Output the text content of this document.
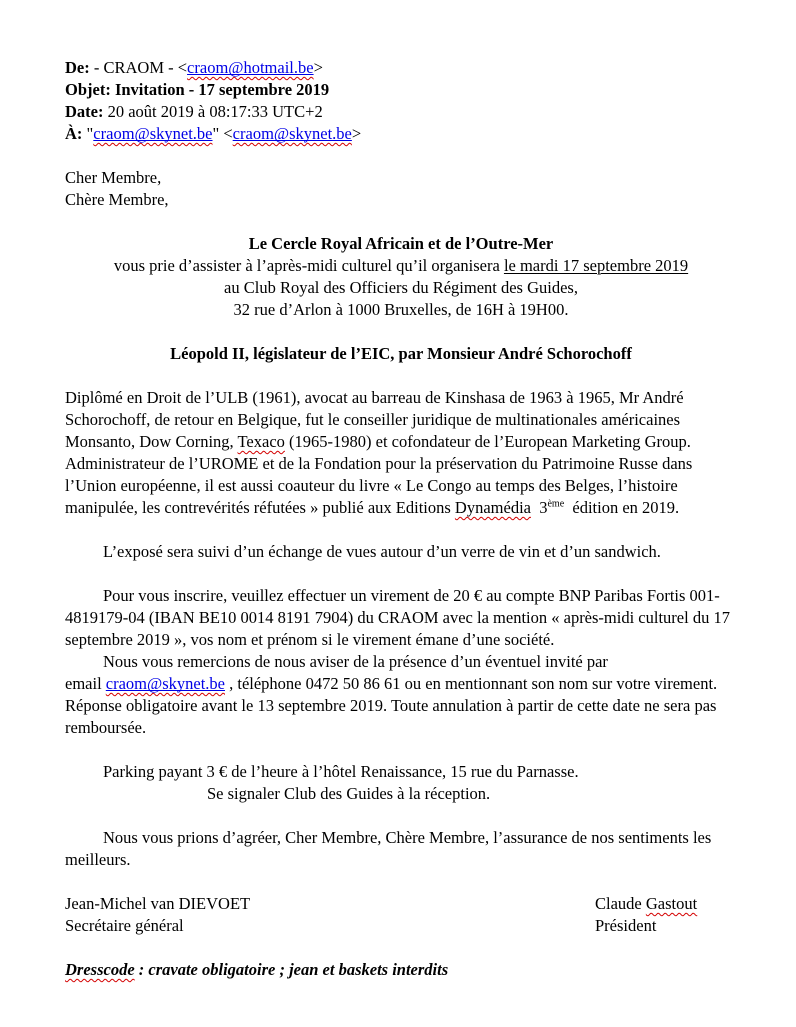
De: - CRAOM - <craom@hotmail.be>

Objet: Invitation - 17 septembre 2019

Date: 20 août 2019 à 08:17:33 UTC+2

À: "craom@skynet.be" <craom@skynet.be>

Cher Membre,

Chère Membre,

Le Cercle Royal Africain et de l’Outre-Mer

vous prie d’assister à l’après-midi culturel qu’il organisera le mardi 17 septembre 2019

au Club Royal des Officiers du Régiment des Guides,

32 rue d’Arlon à 1000 Bruxelles, de 16H à 19H00.

Léopold II, législateur de l’EIC, par Monsieur André Schorochoff

Diplômé en Droit de l’ULB (1961), avocat au barreau de Kinshasa de 1963 à 1965, Mr André Schorochoff, de retour en Belgique, fut le conseiller juridique de multinationales américaines Monsanto, Dow Corning, Texaco (1965-1980) et cofondateur de l’European Marketing Group. Administrateur de l’UROME et de la Fondation pour la préservation du Patrimoine Russe dans l’Union européenne, il est aussi coauteur du livre « Le Congo au temps des Belges, l’histoire manipulée, les contrevérités réfutées » publié aux Editions Dynamédia  3ème  édition en 2019.

L’exposé sera suivi d’un échange de vues autour d’un verre de vin et d’un sandwich.

Pour vous inscrire, veuillez effectuer un virement de 20 € au compte BNP Paribas Fortis 001-4819179-04 (IBAN BE10 0014 8191 7904) du CRAOM avec la mention « après-midi culturel du 17 septembre 2019 », vos nom et prénom si le virement émane d’une société.

Nous vous remercions de nous aviser de la présence d’un éventuel invité par
email craom@skynet.be , téléphone 0472 50 86 61 ou en mentionnant son nom sur votre virement. Réponse obligatoire avant le 13 septembre 2019. Toute annulation à partir de cette date ne sera pas remboursée.

Parking payant 3 € de l’heure à l’hôtel Renaissance, 15 rue du Parnasse.

Se signaler Club des Guides à la réception.

Nous vous prions d’agréer, Cher Membre, Chère Membre, l’assurance de nos sentiments les meilleurs.

Jean-Michel van DIEVOET

Secrétaire général

Claude Gastout

Président

Dresscode : cravate obligatoire ; jean et baskets interdits
